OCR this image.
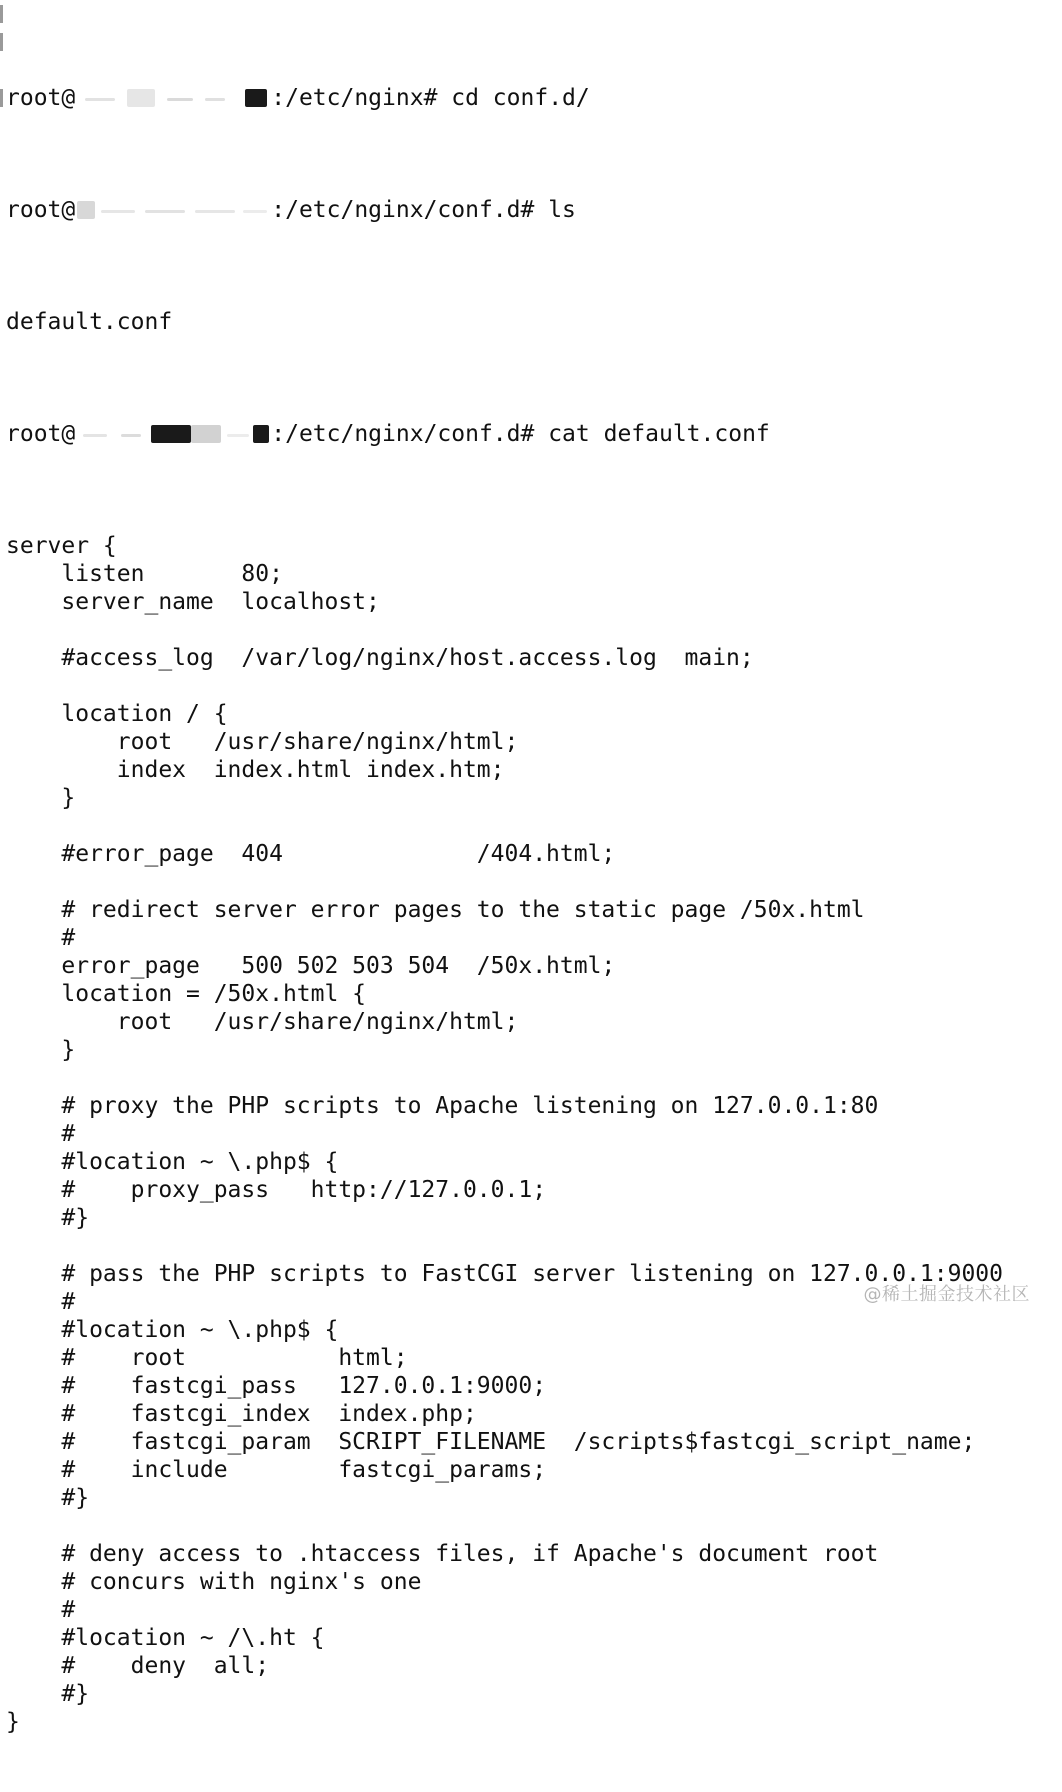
root@	:/etc/nginx# cd conf.d/

root@	:/etc/nginx/conf.d# ls

default.conf

root@	:/etc/nginx/conf.d# cat default.conf

server {
listen       80;
server_name  localhost;

#access_log  /var/log/nginx/host.access.log  main;

location / {
root   /usr/share/nginx/html;
index  index.html index.htm;
}

#error_page  404              /404.html;

# redirect server error pages to the static page /50x.html
#
error_page   500 502 503 504  /50x.html;
location = /50x.html {
root   /usr/share/nginx/html;
}

# proxy the PHP scripts to Apache listening on 127.0.0.1:80
#
#location ~ \.php$ {
#    proxy_pass   http://127.0.0.1;
#}

# pass the PHP scripts to FastCGI server listening on 127.0.0.1:9000
#
#location ~ \.php$ {
#    root           html;
#    fastcgi_pass   127.0.0.1:9000;
#    fastcgi_index  index.php;
#    fastcgi_param  SCRIPT_FILENAME  /scripts$fastcgi_script_name;
#    include        fastcgi_params;
#}

# deny access to .htaccess files, if Apache's document root
# concurs with nginx's one
#
#location ~ /\.ht {
#    deny  all;
#}
}

@稀土掘金技术社区
